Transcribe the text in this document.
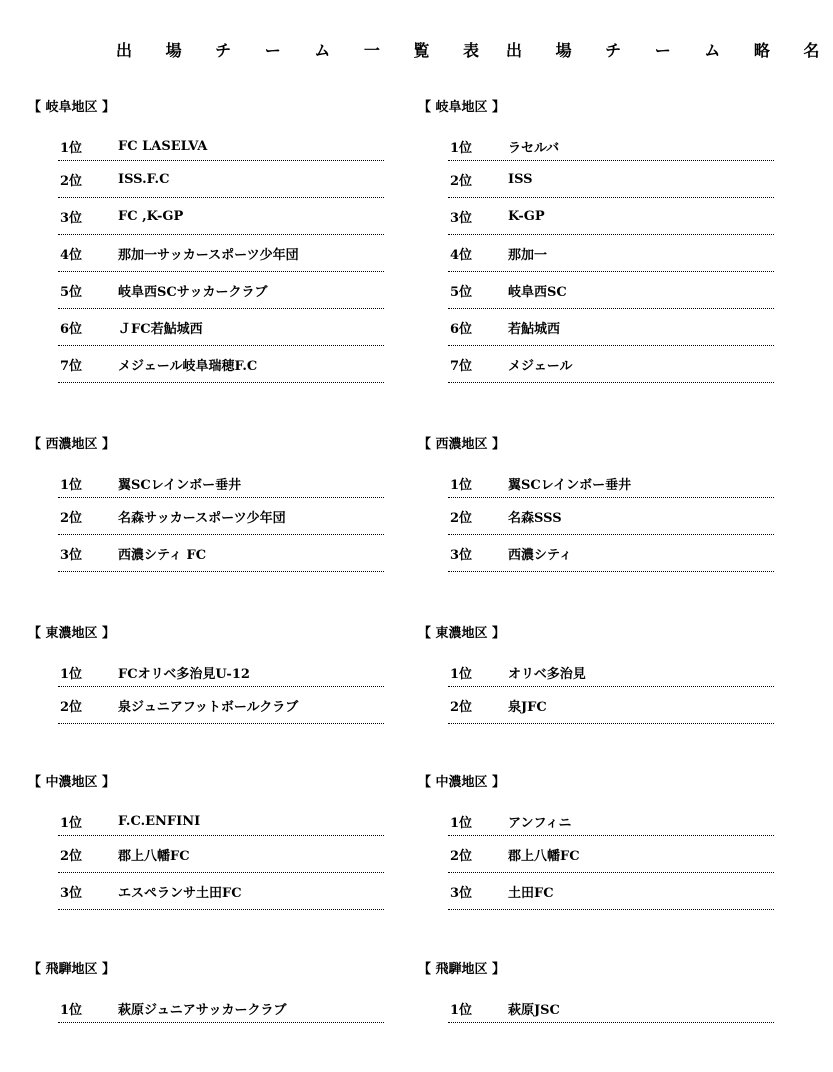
出 場 チ ー ム 一 覧 表
【 岐阜地区 】
1位	FC LASELVA
2位	ISS.F.C
3位	FC ,K-GP
4位	那加一サッカースポーツ少年団
5位	岐阜西SCサッカークラブ
6位	ＪFC若鮎城西
7位	メジェール岐阜瑞穂F.C
【 西濃地区 】
1位	翼SCレインボー垂井
2位	名森サッカースポーツ少年団
3位	西濃シティ FC
【 東濃地区 】
1位	FCオリベ多治見U-12
2位	泉ジュニアフットボールクラブ
【 中濃地区 】
1位	F.C.ENFINI
2位	郡上八幡FC
3位	エスペランサ土田FC
【 飛騨地区 】
1位	萩原ジュニアサッカークラブ
出 場 チ ー ム 略 名
【 岐阜地区 】
1位	ラセルバ
2位	ISS
3位	K-GP
4位	那加一
5位	岐阜西SC
6位	若鮎城西
7位	メジェール
【 西濃地区 】
1位	翼SCレインボー垂井
2位	名森SSS
3位	西濃シティ
【 東濃地区 】
1位	オリベ多治見
2位	泉JFC
【 中濃地区 】
1位	アンフィニ
2位	郡上八幡FC
3位	土田FC
【 飛騨地区 】
1位	萩原JSC
